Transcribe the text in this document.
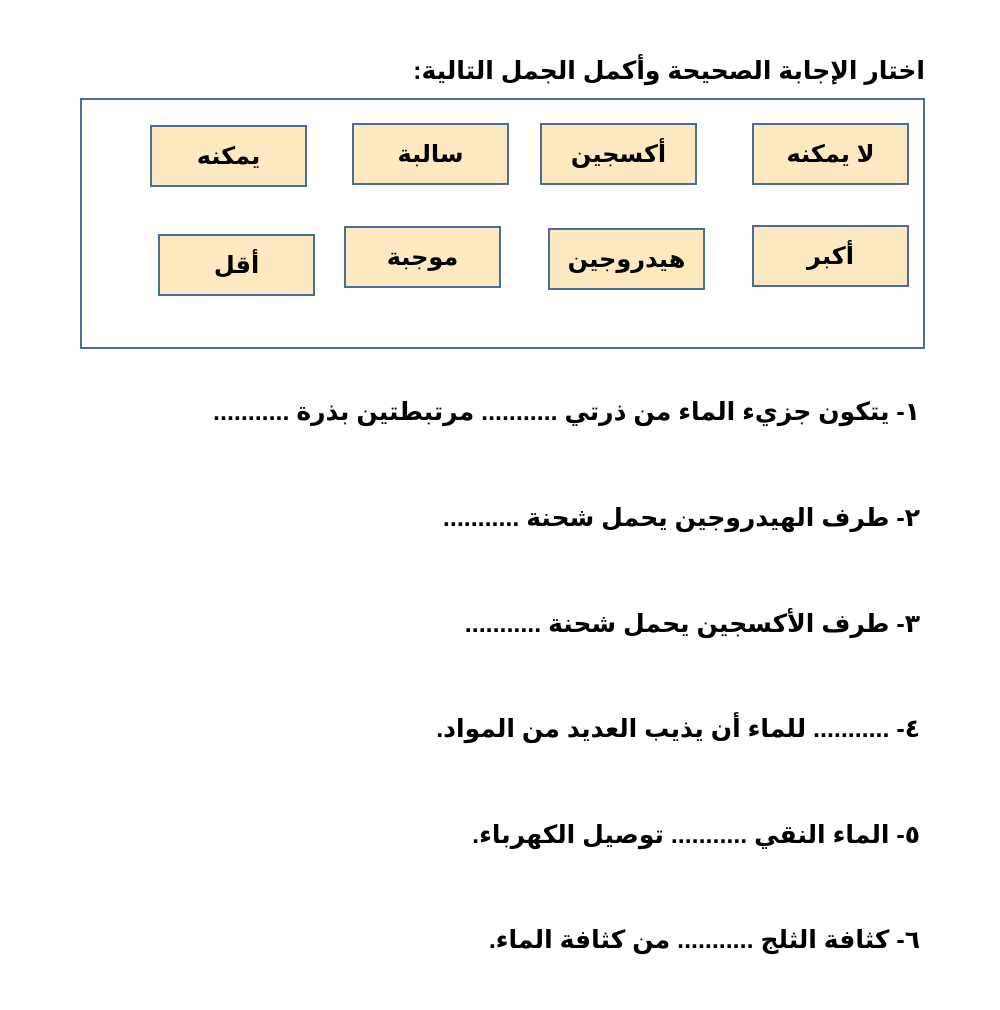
اختار الإجابة الصحيحة وأكمل الجمل التالية:
لا يمكنه
أكسجين
سالبة
يمكنه
أكبر
هيدروجين
موجبة
أقل
١- يتكون جزيء الماء من ذرتي ........... مرتبطتين بذرة ...........
٢- طرف الهيدروجين يحمل شحنة ...........
٣- طرف الأكسجين يحمل شحنة ...........
٤- ........... للماء أن يذيب العديد من المواد.
٥- الماء النقي ........... توصيل الكهرباء.
٦- كثافة الثلج ........... من كثافة الماء.
